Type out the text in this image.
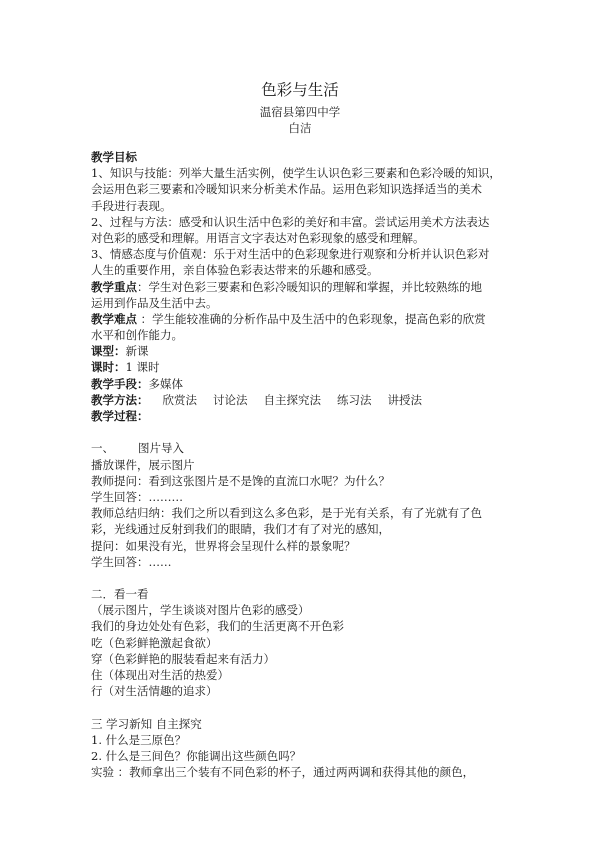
色彩与生活
温宿县第四中学
白洁
教学目标
1、知识与技能：列举大量生活实例，使学生认识色彩三要素和色彩冷暖的知识，
会运用色彩三要素和冷暖知识来分析美术作品。运用色彩知识选择适当的美术
手段进行表现。
2、过程与方法：感受和认识生活中色彩的美好和丰富。尝试运用美术方法表达
对色彩的感受和理解。用语言文字表达对色彩现象的感受和理解。
3、情感态度与价值观：乐于对生活中的色彩现象进行观察和分析并认识色彩对
人生的重要作用，亲自体验色彩表达带来的乐趣和感受。
教学重点：学生对色彩三要素和色彩冷暖知识的理解和掌握，并比较熟练的地
运用到作品及生活中去。
教学难点 ：学生能较准确的分析作品中及生活中的色彩现象，提高色彩的欣赏
水平和创作能力。
课型：新课
课时：1 课时
教学手段：多媒体
教学方法： 欣赏法 讨论法 自主探究法 练习法 讲授法
教学过程：
一、 图片导入
播放课件，展示图片
教师提问：看到这张图片是不是馋的直流口水呢？为什么？
学生回答：………
教师总结归纳：我们之所以看到这么多色彩，是于光有关系，有了光就有了色
彩，光线通过反射到我们的眼睛，我们才有了对光的感知，
提问：如果没有光，世界将会呈现什么样的景象呢？
学生回答：……
二．看一看
（展示图片，学生谈谈对图片色彩的感受）
我们的身边处处有色彩，我们的生活更离不开色彩
吃（色彩鲜艳激起食欲）
穿（色彩鲜艳的服装看起来有活力）
住（体现出对生活的热爱）
行（对生活情趣的追求）
三 学习新知 自主探究
1. 什么是三原色？
2. 什么是三间色？你能调出这些颜色吗？
实验 ：教师拿出三个装有不同色彩的杯子，通过两两调和获得其他的颜色，
